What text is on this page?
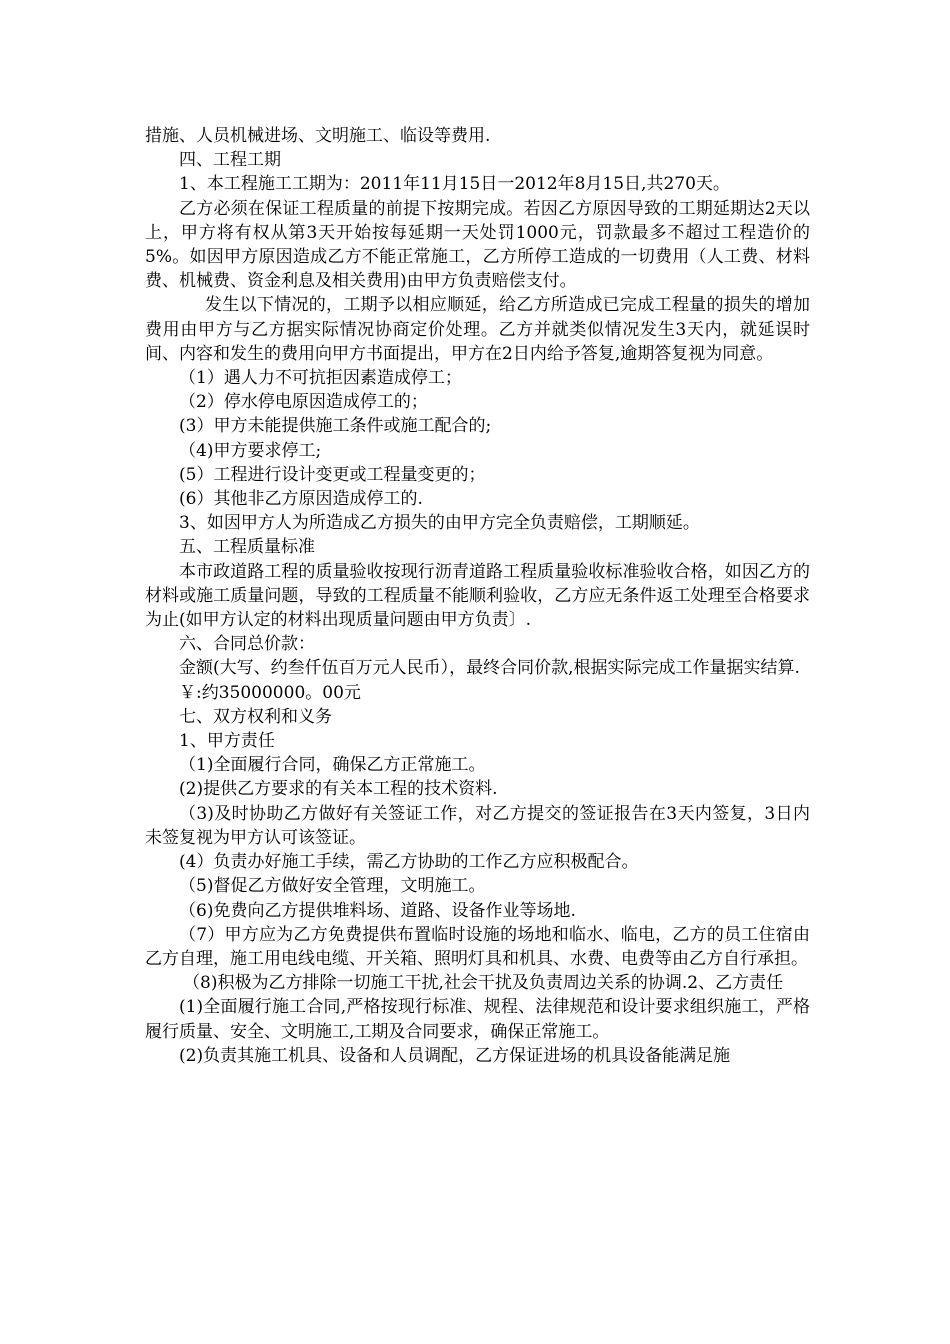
措施、人员机械进场、文明施工、临设等费用.

四、工程工期

1、本工程施工工期为：2011年11月15日一2012年8月15日,共270天。

乙方必须在保证工程质量的前提下按期完成。若因乙方原因导致的工期延期达2天以上，甲方将有权从第3天开始按每延期一天处罚1000元，罚款最多不超过工程造价的5%。如因甲方原因造成乙方不能正常施工，乙方所停工造成的一切费用（人工费、材料费、机械费、资金利息及相关费用)由甲方负责赔偿支付。

发生以下情况的，工期予以相应顺延，给乙方所造成已完成工程量的损失的增加费用由甲方与乙方据实际情况协商定价处理。乙方并就类似情况发生3天内，就延误时间、内容和发生的费用向甲方书面提出，甲方在2日内给予答复,逾期答复视为同意。

（1）遇人力不可抗拒因素造成停工；

（2）停水停电原因造成停工的；

(3）甲方未能提供施工条件或施工配合的;

（4)甲方要求停工;

(5）工程进行设计变更或工程量变更的；

(6）其他非乙方原因造成停工的.

3、如因甲方人为所造成乙方损失的由甲方完全负责赔偿，工期顺延。

五、工程质量标准

本市政道路工程的质量验收按现行沥青道路工程质量验收标准验收合格，如因乙方的材料或施工质量问题，导致的工程质量不能顺利验收，乙方应无条件返工处理至合格要求为止(如甲方认定的材料出现质量问题由甲方负责〕.

六、合同总价款：

金额(大写、约叁仟伍百万元人民币），最终合同价款,根据实际完成工作量据实结算.

￥:约35000000。00元

七、双方权利和义务

1、甲方责任

（1)全面履行合同，确保乙方正常施工。

(2)提供乙方要求的有关本工程的技术资料.

（3)及时协助乙方做好有关签证工作，对乙方提交的签证报告在3天内签复，3日内未签复视为甲方认可该签证。

(4）负责办好施工手续，需乙方协助的工作乙方应积极配合。

（5)督促乙方做好安全管理，文明施工。

（6)免费向乙方提供堆料场、道路、设备作业等场地.

（7）甲方应为乙方免费提供布置临时设施的场地和临水、临电，乙方的员工住宿由乙方自理，施工用电线电缆、开关箱、照明灯具和机具、水费、电费等由乙方自行承担。

（8)积极为乙方排除一切施工干扰,社会干扰及负责周边关系的协调.2、乙方责任

(1)全面履行施工合同,严格按现行标准、规程、法律规范和设计要求组织施工，严格履行质量、安全、文明施工,工期及合同要求，确保正常施工。

(2)负责其施工机具、设备和人员调配，乙方保证进场的机具设备能满足施
